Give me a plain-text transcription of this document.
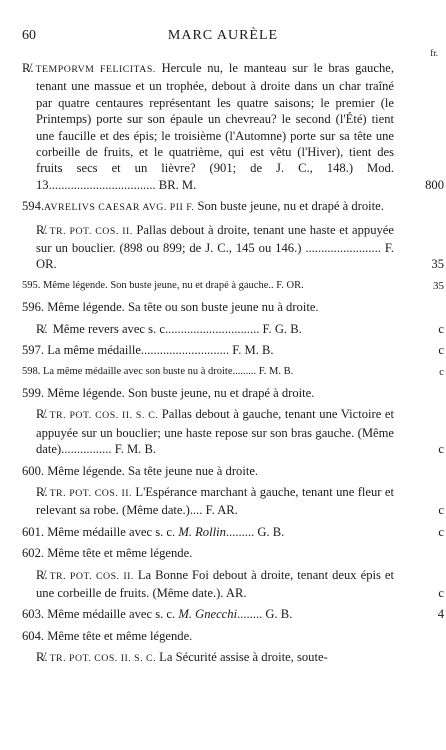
60	MARC AURÈLE
fr.
R̸. TEMPORVM FELICITAS. Hercule nu, le manteau sur le bras gauche, tenant une massue et un trophée, debout à droite dans un char traîné par quatre centaures représentant les quatre saisons; le premier (le Printemps) porte sur son épaule un chevreau? le second (l'Été) tient une faucille et des épis; le troisième (l'Automne) porte sur sa tête une corbeille de fruits, et le quatrième, qui est vêtu (l'Hiver), tient des fruits secs et un lièvre? (901; de J. C., 148.) Mod. 13.................................. BR. M.	800
594.AVRELIVS CAESAR AVG. PII F. Son buste jeune, nu et drapé à droite.
R̸. TR. POT. COS. II. Pallas debout à droite, tenant une haste et appuyée sur un bouclier. (898 ou 899; de J. C., 145 ou 146.) ........................ F. OR.	35
595. Même légende. Son buste jeune, nu et drapé à gauche.. F. OR.	35
596. Même légende. Sa tête ou son buste jeune nu à droite.
R̸. Même revers avec s. c.............................. F. G. B.	c
597. La même médaille............................ F. M. B.	c
598. La même médaille avec son buste nu à droite......... F. M. B.	c
599. Même légende. Son buste jeune, nu et drapé à droite.
R̸. TR. POT. COS. II. S. C. Pallas debout à gauche, tenant une Victoire et appuyée sur un bouclier; une haste repose sur son bras gauche. (Même date)................ F. M. B.	c
600. Même légende. Sa tête jeune nue à droite.
R̸. TR. POT. COS. II. L'Espérance marchant à gauche, tenant une fleur et relevant sa robe. (Même date.).... F. AR.	c
601. Même médaille avec s. c. M. Rollin......... G. B.	c
602. Même tête et même légende.
R̸. TR. POT. COS. II. La Bonne Foi debout à droite, tenant deux épis et une corbeille de fruits. (Même date.). AR.	c
603. Même médaille avec s. c. M. Gnecchi........ G. B.	4
604. Même tête et même légende.
R̸. TR. POT. COS. II. S. C. La Sécurité assise à droite, soute-
